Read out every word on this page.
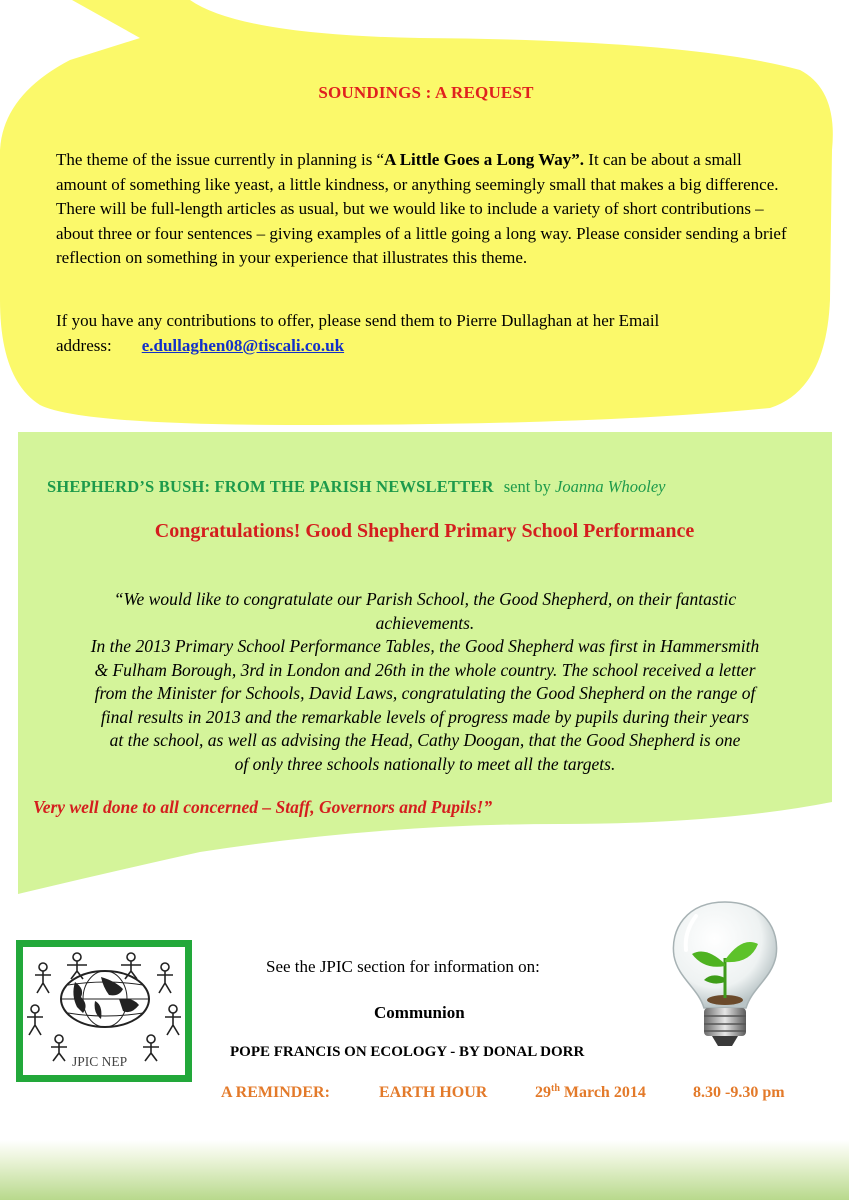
SOUNDINGS : A REQUEST

The theme of the issue currently in planning is “A Little Goes a Long Way”. It can be about a small amount of something like yeast, a little kindness, or anything seemingly small that makes a big difference. There will be full-length articles as usual, but we would like to include a variety of short contributions – about three or four sentences – giving examples of a little going a long way. Please consider sending a brief reflection on something in your experience that illustrates this theme.

If you have any contributions to offer, please send them to Pierre Dullaghan at her Email address: e.dullaghen08@tiscali.co.uk

SHEPHERD’S BUSH: FROM THE PARISH NEWSLETTER sent by Joanna Whooley

Congratulations! Good Shepherd Primary School Performance
“We would like to congratulate our Parish School, the Good Shepherd, on their fantastic
achievements.
In the 2013 Primary School Performance Tables, the Good Shepherd was first in Hammersmith
& Fulham Borough, 3rd in London and 26th in the whole country. The school received a letter
from the Minister for Schools, David Laws, congratulating the Good Shepherd on the range of
final results in 2013 and the remarkable levels of progress made by pupils during their years
at the school, as well as advising the Head, Cathy Doogan, that the Good Shepherd is one
of only three schools nationally to meet all the targets.

Very well done to all concerned – Staff, Governors and Pupils!”

JPIC NEP

See the JPIC section for information on:

Communion

POPE FRANCIS ON ECOLOGY - BY DONAL DORR

A REMINDER:	EARTH HOUR	29th March 2014	8.30 -9.30 pm
